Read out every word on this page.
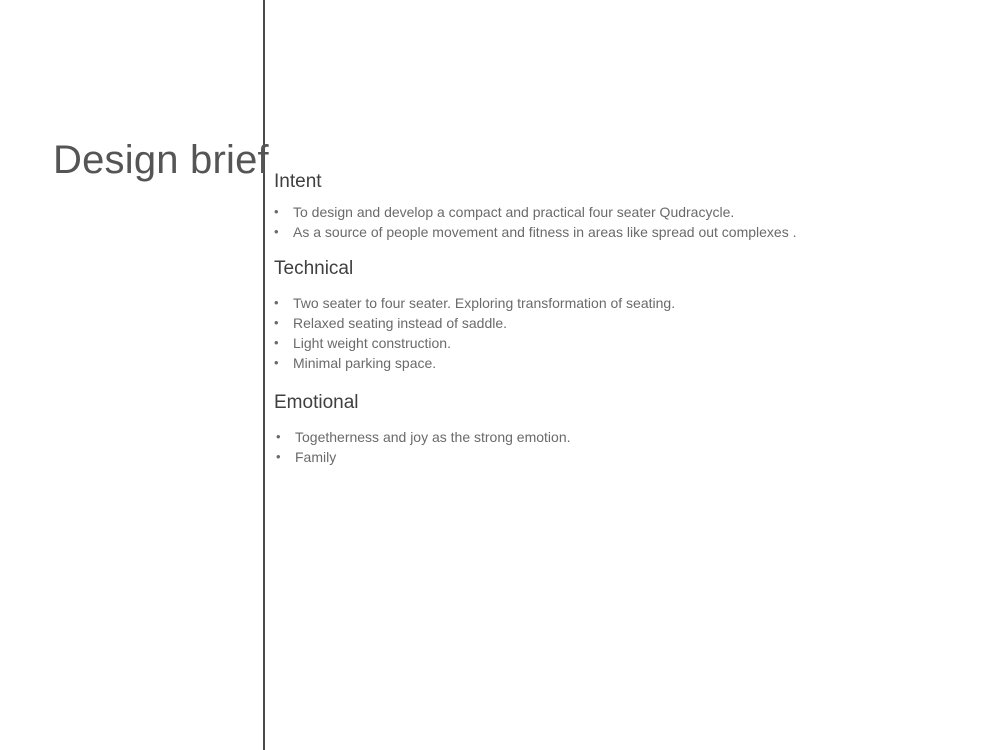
Design brief Intent
• To design and develop a compact and practical four seater Qudracycle.
• As a source of people movement and fitness in areas like spread out complexes .
Technical
• Two seater to four seater. Exploring transformation of seating.
• Relaxed seating instead of saddle.
• Light weight construction.
• Minimal parking space.
Emotional
• Togetherness and joy as the strong emotion.
• Family
